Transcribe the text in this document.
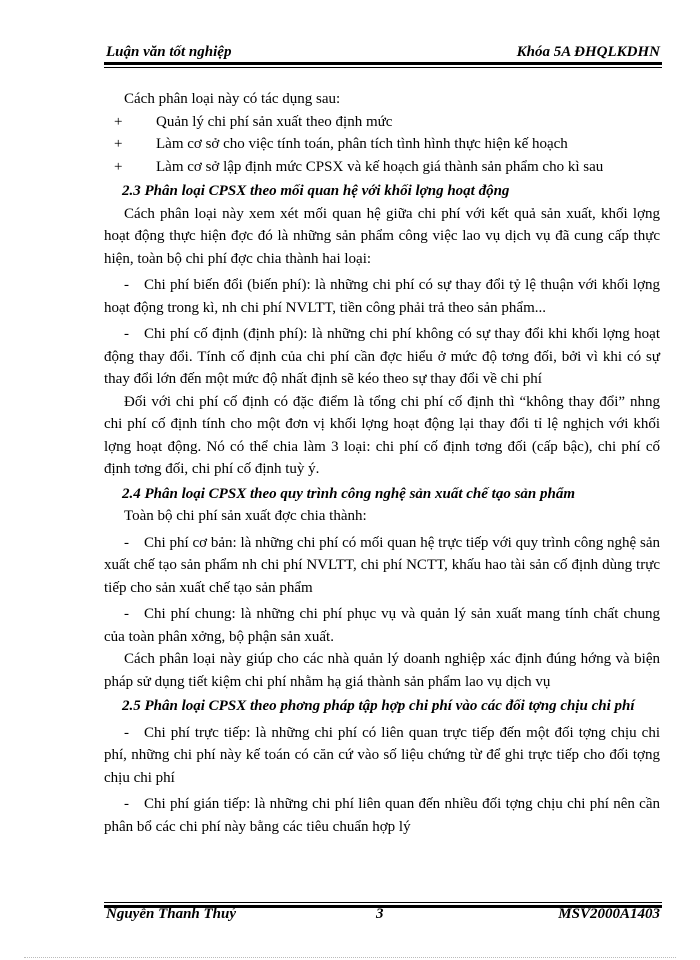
Luận văn tốt nghiệp	Khóa 5A ĐHQLKDHN

Cách phân loại này có tác dụng sau:

+ Quản lý chi phí sản xuất theo định mức

+ Làm cơ sở cho việc tính toán, phân tích tình hình thực hiện kế hoạch

+ Làm cơ sở lập định mức CPSX và kế hoạch giá thành sản phẩm cho kì sau

2.3 Phân loại CPSX theo mối quan hệ với khối lợng hoạt động

Cách phân loại này xem xét mối quan hệ giữa chi phí với kết quả sản xuất, khối lợng hoạt động thực hiện đợc đó là những sản phẩm công việc lao vụ dịch vụ đã cung cấp thực hiện, toàn bộ chi phí đợc chia thành hai loại:

- Chi phí biến đổi (biến phí): là những chi phí có sự thay đổi tỷ lệ thuận với khối lợng hoạt động trong kì, nh chi phí NVLTT, tiền công phải trả theo sản phẩm...

- Chi phí cố định (định phí): là những chi phí không có sự thay đổi khi khối lợng hoạt động thay đổi. Tính cố định của chi phí cần đợc hiểu ở mức độ tơng đối, bởi vì khi có sự thay đổi lớn đến một mức độ nhất định sẽ kéo theo sự thay đổi về chi phí

Đối với chi phí cố định có đặc điểm là tổng chi phí cố định thì “không thay đổi” nhng chi phí cố định tính cho một đơn vị khối lợng hoạt động lại thay đổi tỉ lệ nghịch với khối lợng hoạt động. Nó có thể chia làm 3 loại: chi phí cố định tơng đối (cấp bậc), chi phí cố định tơng đối, chi phí cố định tuỳ ý.

2.4 Phân loại CPSX theo quy trình công nghệ sản xuất chế tạo sản phẩm

Toàn bộ chi phí sản xuất đợc chia thành:

- Chi phí cơ bản: là những chi phí có mối quan hệ trực tiếp với quy trình công nghệ sản xuất chế tạo sản phẩm nh chi phí NVLTT, chi phí NCTT, khấu hao tài sản cố định dùng trực tiếp cho sản xuất chế tạo sản phẩm

- Chi phí chung: là những chi phí phục vụ và quản lý sản xuất mang tính chất chung của toàn phân xởng, bộ phận sản xuất.

Cách phân loại này giúp cho các nhà quản lý doanh nghiệp xác định đúng hớng và biện pháp sử dụng tiết kiệm chi phí nhằm hạ giá thành sản phẩm lao vụ dịch vụ

2.5 Phân loại CPSX theo phơng pháp tập hợp chi phí vào các đối tợng chịu chi phí

- Chi phí trực tiếp: là những chi phí có liên quan trực tiếp đến một đối tợng chịu chi phí, những chi phí này kế toán có căn cứ vào số liệu chứng từ để ghi trực tiếp cho đối tợng chịu chi phí

- Chi phí gián tiếp: là những chi phí liên quan đến nhiều đối tợng chịu chi phí nên cần phân bổ các chi phí này bằng các tiêu chuẩn hợp lý

Nguyễn Thanh Thuỷ	3	MSV2000A1403
